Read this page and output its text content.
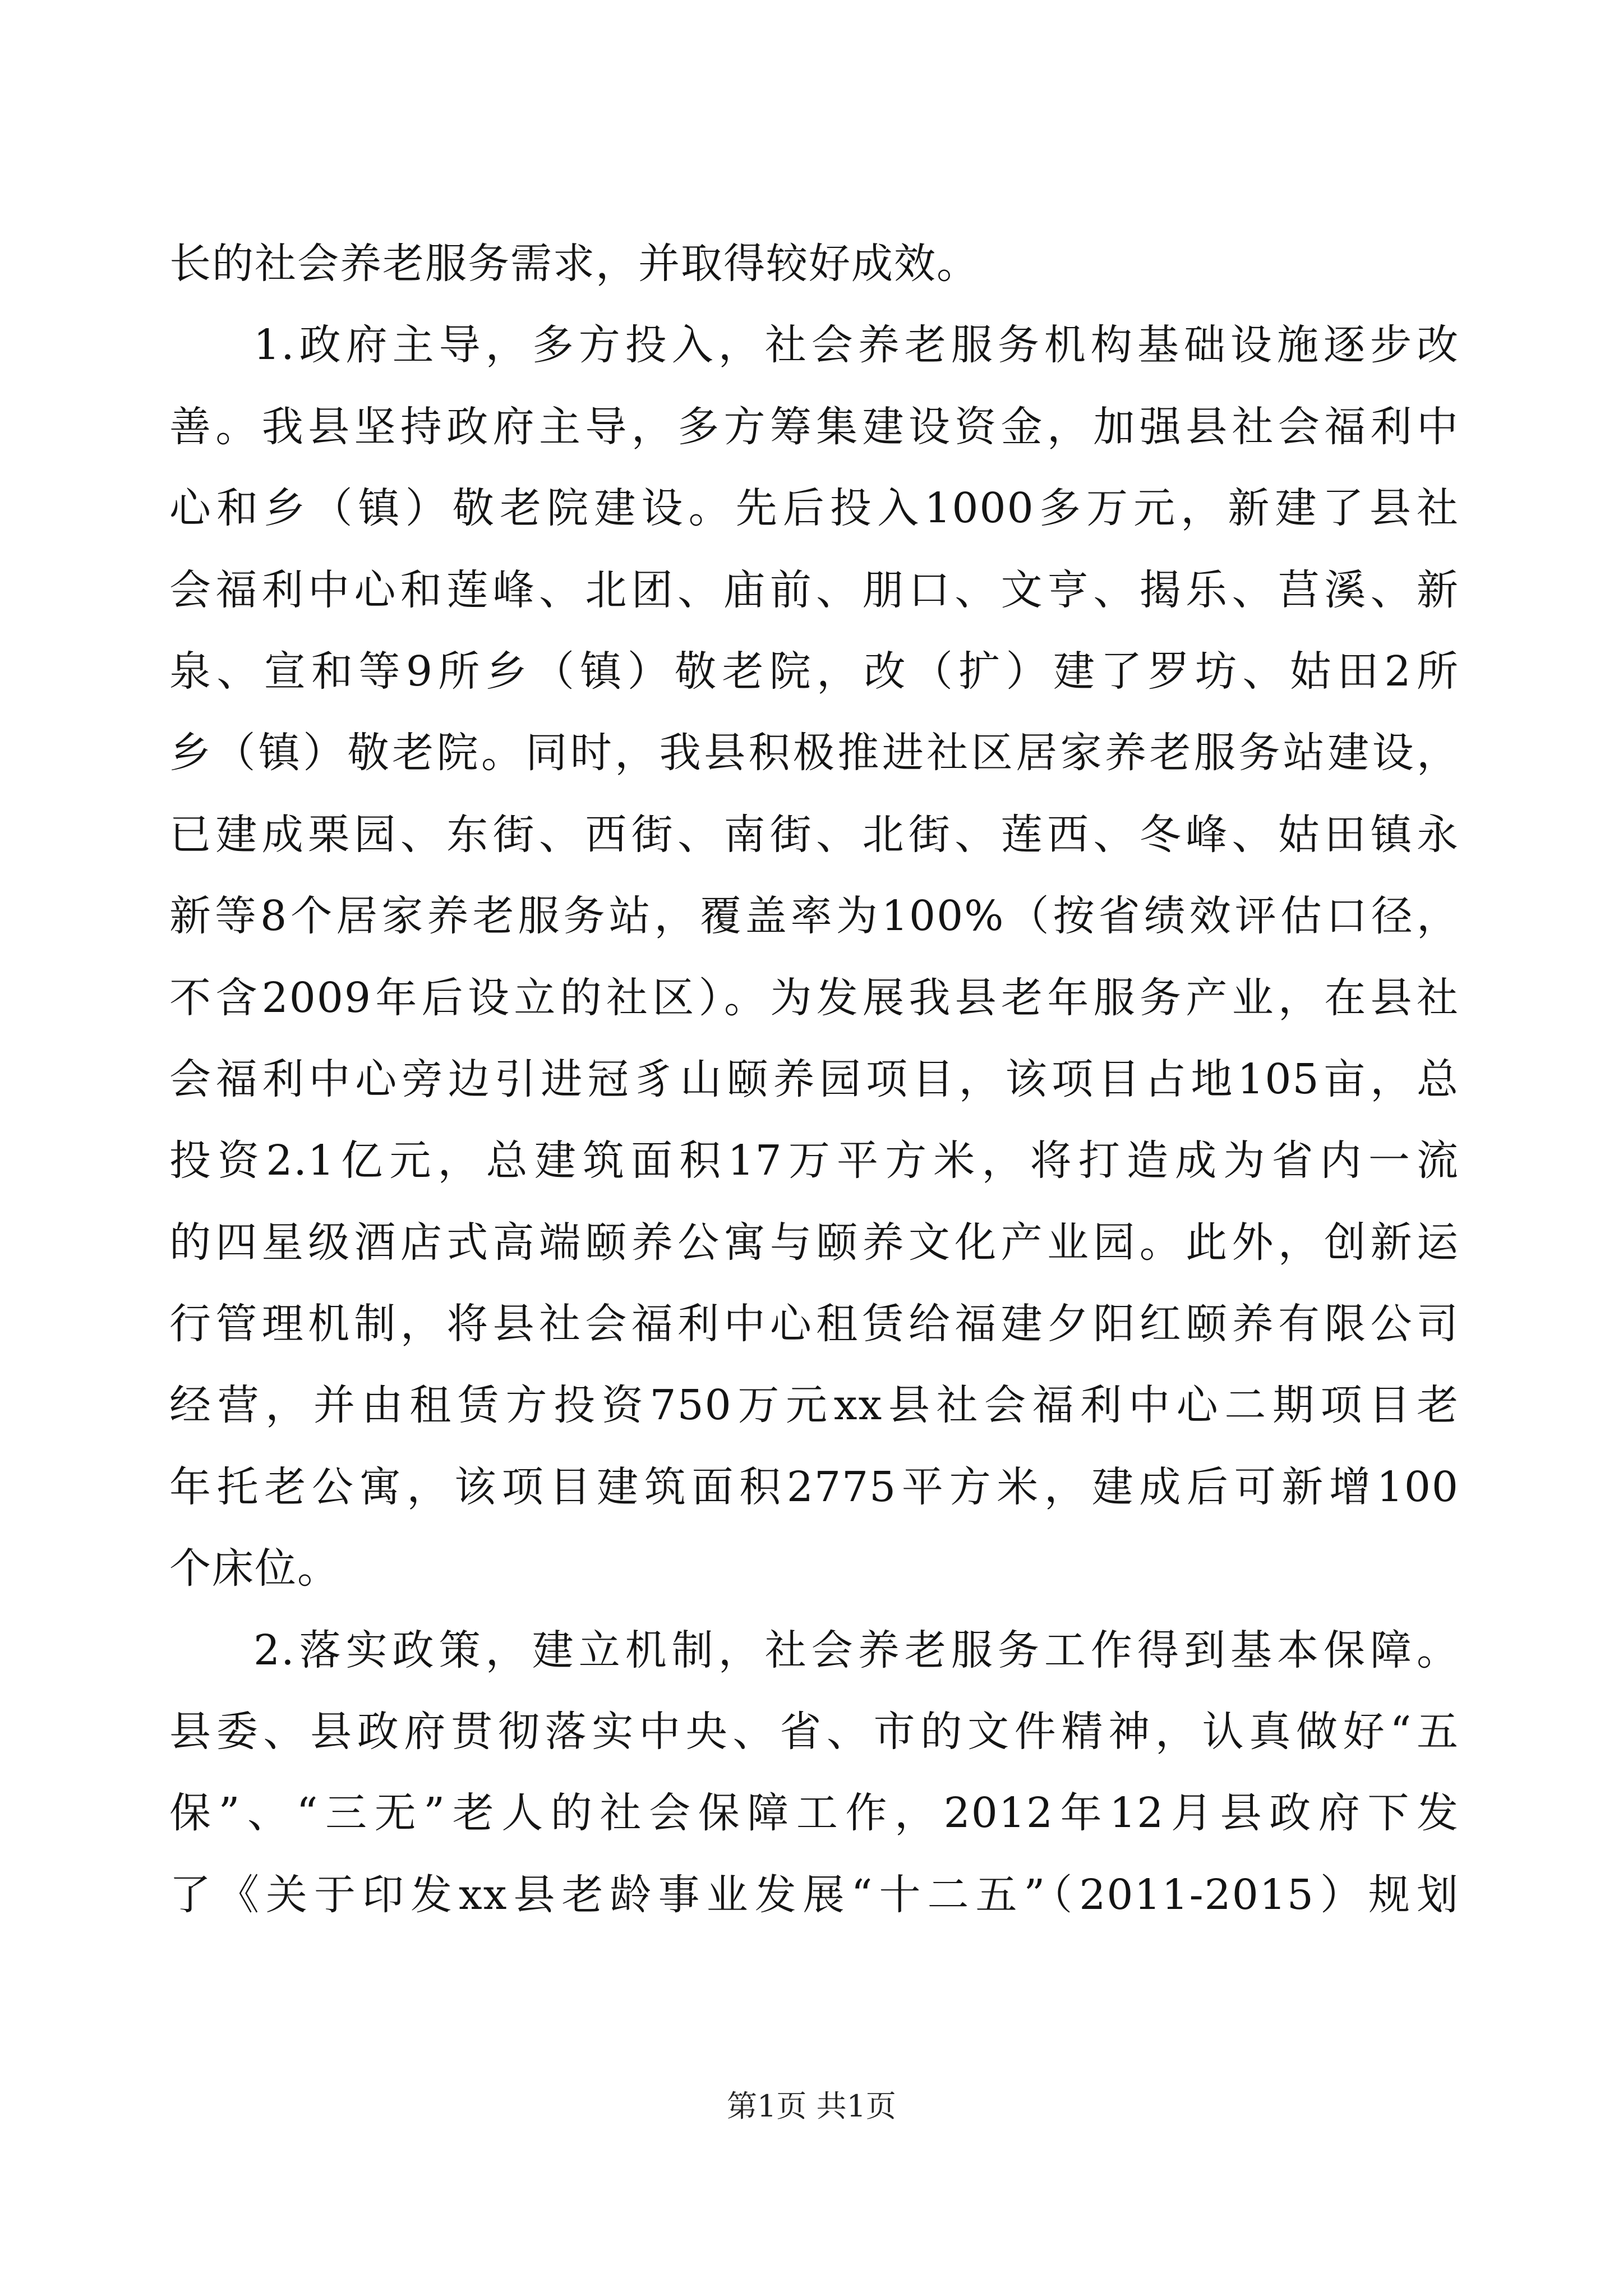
长的社会养老服务需求，并取得较好成效。
1.政府主导，多方投入，社会养老服务机构基础设施逐步改
善。我县坚持政府主导，多方筹集建设资金，加强县社会福利中
心和乡（镇）敬老院建设。先后投入1000多万元，新建了县社
会福利中心和莲峰、北团、庙前、朋口、文亨、揭乐、莒溪、新
泉、宣和等9所乡（镇）敬老院，改（扩）建了罗坊、姑田2所
乡（镇）敬老院。同时，我县积极推进社区居家养老服务站建设，
已建成栗园、东街、西街、南街、北街、莲西、冬峰、姑田镇永
新等8个居家养老服务站，覆盖率为100%（按省绩效评估口径，
不含2009年后设立的社区）。为发展我县老年服务产业，在县社
会福利中心旁边引进冠豸山颐养园项目，该项目占地105亩，总
投资2.1亿元，总建筑面积17万平方米，将打造成为省内一流
的四星级酒店式高端颐养公寓与颐养文化产业园。此外，创新运
行管理机制，将县社会福利中心租赁给福建夕阳红颐养有限公司
经营，并由租赁方投资750万元xx县社会福利中心二期项目老
年托老公寓，该项目建筑面积2775平方米，建成后可新增100
个床位。
2.落实政策，建立机制，社会养老服务工作得到基本保障。
县委、县政府贯彻落实中央、省、市的文件精神，认真做好“五
保”、“三无”老人的社会保障工作，2012年12月县政府下发
了《关于印发xx县老龄事业发展“十二五”（2011-2015）规划
第1页 共1页
